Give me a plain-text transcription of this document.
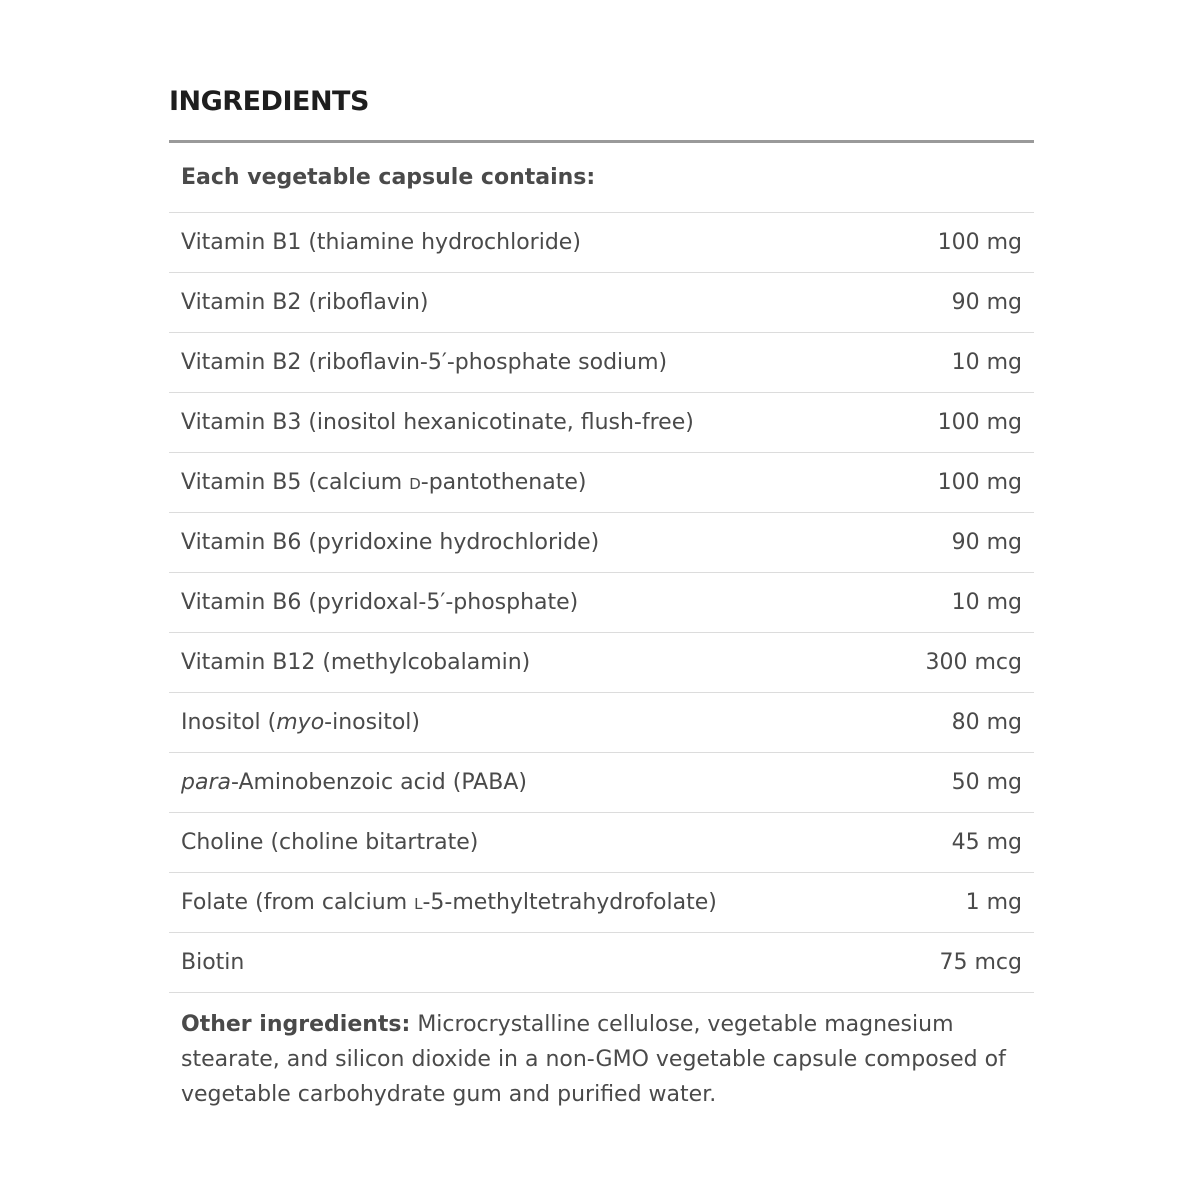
INGREDIENTS
Each vegetable capsule contains:
Vitamin B1 (thiamine hydrochloride)	100 mg
Vitamin B2 (riboflavin)	90 mg
Vitamin B2 (riboflavin-5′-phosphate sodium)	10 mg
Vitamin B3 (inositol hexanicotinate, flush-free)	100 mg
Vitamin B5 (calcium D-pantothenate)	100 mg
Vitamin B6 (pyridoxine hydrochloride)	90 mg
Vitamin B6 (pyridoxal-5′-phosphate)	10 mg
Vitamin B12 (methylcobalamin)	300 mcg
Inositol (myo-inositol)	80 mg
para-Aminobenzoic acid (PABA)	50 mg
Choline (choline bitartrate)	45 mg
Folate (from calcium L-5-methyltetrahydrofolate)	1 mg
Biotin	75 mcg
Other ingredients: Microcrystalline cellulose, vegetable magnesium stearate, and silicon dioxide in a non-GMO vegetable capsule composed of vegetable carbohydrate gum and purified water.
